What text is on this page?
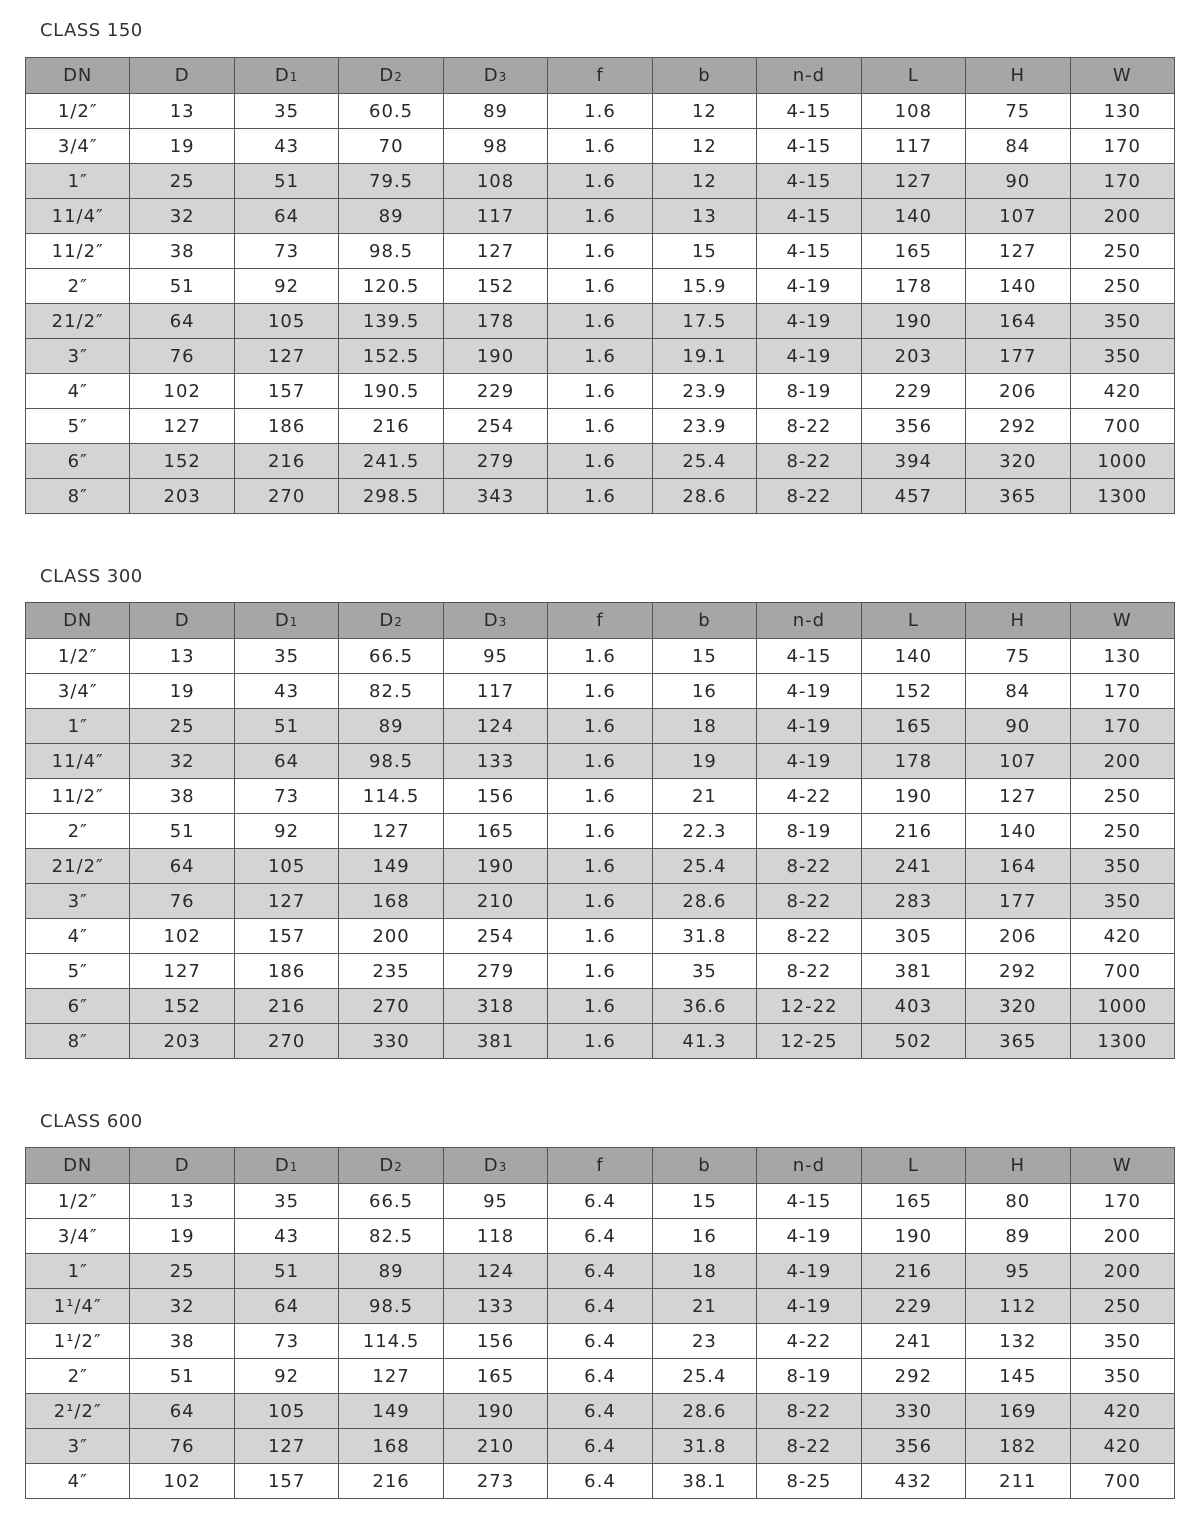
CLASS 150
DN	D	D1	D2	D3	f	b	n-d	L	H	W
1/2″	13	35	60.5	89	1.6	12	4-15	108	75	130
3/4″	19	43	70	98	1.6	12	4-15	117	84	170
1″	25	51	79.5	108	1.6	12	4-15	127	90	170
11/4″	32	64	89	117	1.6	13	4-15	140	107	200
11/2″	38	73	98.5	127	1.6	15	4-15	165	127	250
2″	51	92	120.5	152	1.6	15.9	4-19	178	140	250
21/2″	64	105	139.5	178	1.6	17.5	4-19	190	164	350
3″	76	127	152.5	190	1.6	19.1	4-19	203	177	350
4″	102	157	190.5	229	1.6	23.9	8-19	229	206	420
5″	127	186	216	254	1.6	23.9	8-22	356	292	700
6″	152	216	241.5	279	1.6	25.4	8-22	394	320	1000
8″	203	270	298.5	343	1.6	28.6	8-22	457	365	1300
CLASS 300
DN	D	D1	D2	D3	f	b	n-d	L	H	W
1/2″	13	35	66.5	95	1.6	15	4-15	140	75	130
3/4″	19	43	82.5	117	1.6	16	4-19	152	84	170
1″	25	51	89	124	1.6	18	4-19	165	90	170
11/4″	32	64	98.5	133	1.6	19	4-19	178	107	200
11/2″	38	73	114.5	156	1.6	21	4-22	190	127	250
2″	51	92	127	165	1.6	22.3	8-19	216	140	250
21/2″	64	105	149	190	1.6	25.4	8-22	241	164	350
3″	76	127	168	210	1.6	28.6	8-22	283	177	350
4″	102	157	200	254	1.6	31.8	8-22	305	206	420
5″	127	186	235	279	1.6	35	8-22	381	292	700
6″	152	216	270	318	1.6	36.6	12-22	403	320	1000
8″	203	270	330	381	1.6	41.3	12-25	502	365	1300
CLASS 600
DN	D	D1	D2	D3	f	b	n-d	L	H	W
1/2″	13	35	66.5	95	6.4	15	4-15	165	80	170
3/4″	19	43	82.5	118	6.4	16	4-19	190	89	200
1″	25	51	89	124	6.4	18	4-19	216	95	200
1¹/4″	32	64	98.5	133	6.4	21	4-19	229	112	250
1¹/2″	38	73	114.5	156	6.4	23	4-22	241	132	350
2″	51	92	127	165	6.4	25.4	8-19	292	145	350
2¹/2″	64	105	149	190	6.4	28.6	8-22	330	169	420
3″	76	127	168	210	6.4	31.8	8-22	356	182	420
4″	102	157	216	273	6.4	38.1	8-25	432	211	700
